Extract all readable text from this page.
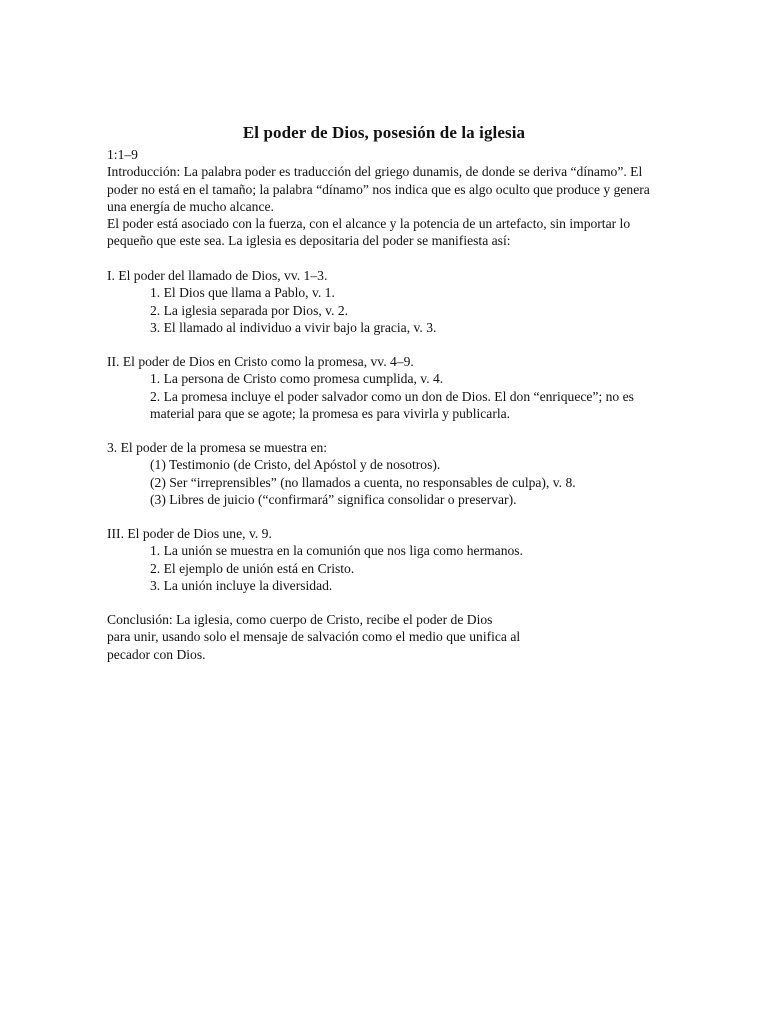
El poder de Dios, posesión de la iglesia
1:1–9
Introducción: La palabra poder es traducción del griego dunamis, de donde se deriva “dínamo”. El
poder no está en el tamaño; la palabra “dínamo” nos indica que es algo oculto que produce y genera
una energía de mucho alcance.
El poder está asociado con la fuerza, con el alcance y la potencia de un artefacto, sin importar lo
pequeño que este sea. La iglesia es depositaria del poder se manifiesta así:
I. El poder del llamado de Dios, vv. 1–3.
1. El Dios que llama a Pablo, v. 1.
2. La iglesia separada por Dios, v. 2.
3. El llamado al individuo a vivir bajo la gracia, v. 3.
II. El poder de Dios en Cristo como la promesa, vv. 4–9.
1. La persona de Cristo como promesa cumplida, v. 4.
2. La promesa incluye el poder salvador como un don de Dios. El don “enriquece”; no es
material para que se agote; la promesa es para vivirla y publicarla.
3. El poder de la promesa se muestra en:
(1) Testimonio (de Cristo, del Apóstol y de nosotros).
(2) Ser “irreprensibles” (no llamados a cuenta, no responsables de culpa), v. 8.
(3) Libres de juicio (“confirmará” significa consolidar o preservar).
III. El poder de Dios une, v. 9.
1. La unión se muestra en la comunión que nos liga como hermanos.
2. El ejemplo de unión está en Cristo.
3. La unión incluye la diversidad.
Conclusión: La iglesia, como cuerpo de Cristo, recibe el poder de Dios
para unir, usando solo el mensaje de salvación como el medio que unifica al
pecador con Dios.
